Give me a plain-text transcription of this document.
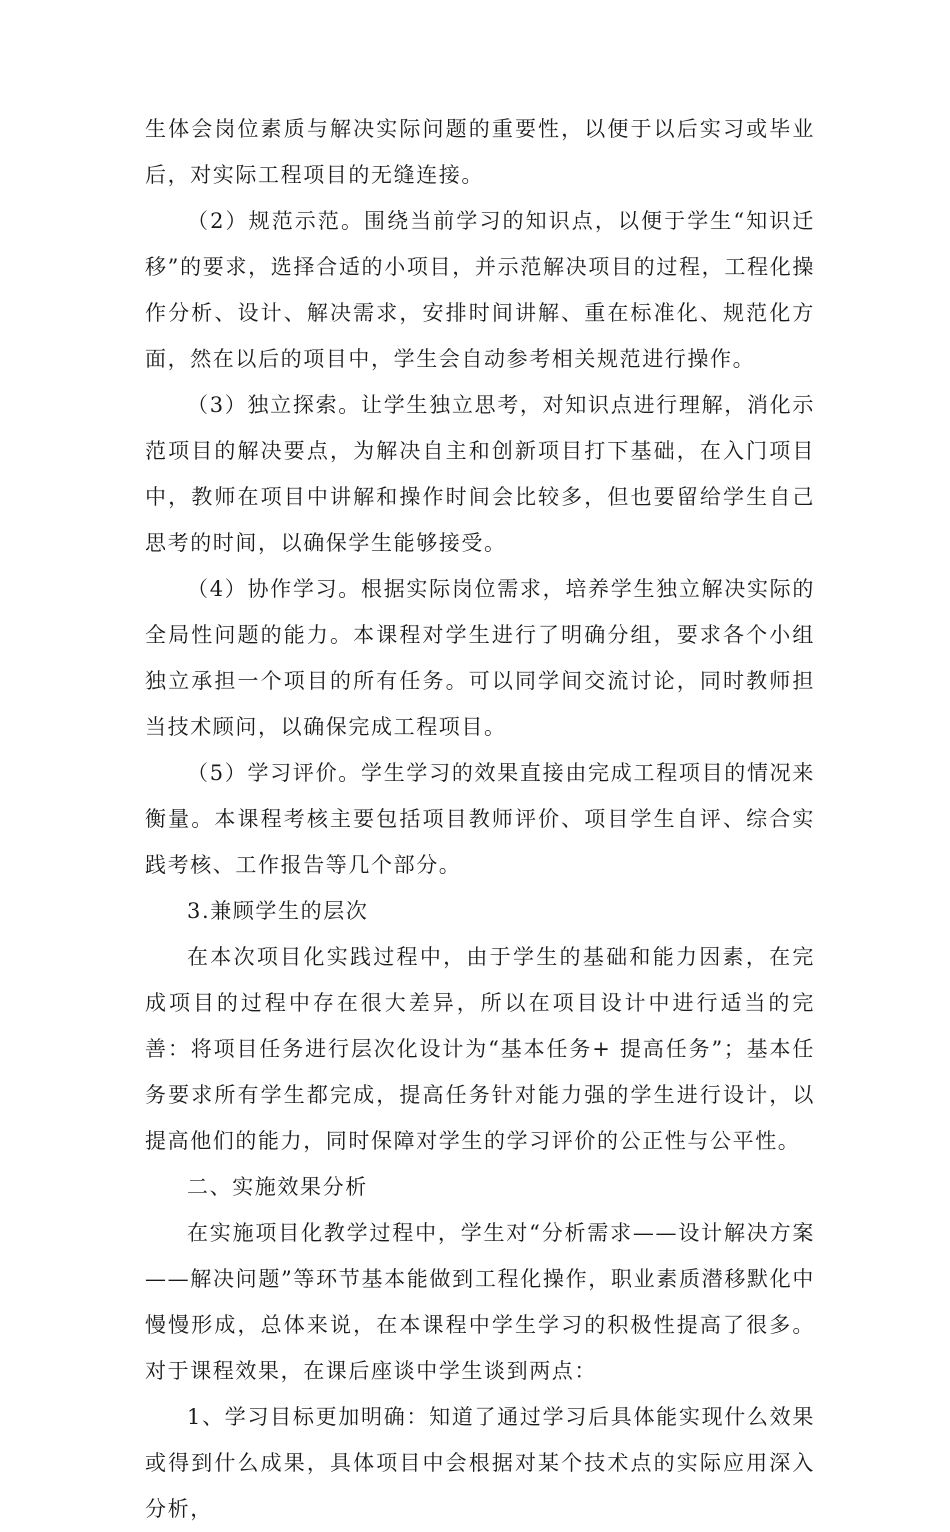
生体会岗位素质与解决实际问题的重要性，以便于以后实习或毕业后，对实际工程项目的无缝连接。

（2）规范示范。围绕当前学习的知识点，以便于学生“知识迁移”的要求，选择合适的小项目，并示范解决项目的过程，工程化操作分析、设计、解决需求，安排时间讲解、重在标准化、规范化方面，然在以后的项目中，学生会自动参考相关规范进行操作。

（3）独立探索。让学生独立思考，对知识点进行理解，消化示范项目的解决要点，为解决自主和创新项目打下基础，在入门项目中，教师在项目中讲解和操作时间会比较多，但也要留给学生自己思考的时间，以确保学生能够接受。

（4）协作学习。根据实际岗位需求，培养学生独立解决实际的全局性问题的能力。本课程对学生进行了明确分组，要求各个小组独立承担一个项目的所有任务。可以同学间交流讨论，同时教师担当技术顾问，以确保完成工程项目。

（5）学习评价。学生学习的效果直接由完成工程项目的情况来衡量。本课程考核主要包括项目教师评价、项目学生自评、综合实践考核、工作报告等几个部分。

3.兼顾学生的层次

在本次项目化实践过程中，由于学生的基础和能力因素，在完成项目的过程中存在很大差异，所以在项目设计中进行适当的完善：将项目任务进行层次化设计为“基本任务+ 提高任务”；基本任务要求所有学生都完成，提高任务针对能力强的学生进行设计，以提高他们的能力，同时保障对学生的学习评价的公正性与公平性。

二、实施效果分析

在实施项目化教学过程中，学生对“分析需求——设计解决方案——解决问题”等环节基本能做到工程化操作，职业素质潜移默化中慢慢形成，总体来说，在本课程中学生学习的积极性提高了很多。对于课程效果，在课后座谈中学生谈到两点：

1、学习目标更加明确：知道了通过学习后具体能实现什么效果或得到什么成果，具体项目中会根据对某个技术点的实际应用深入分析，
